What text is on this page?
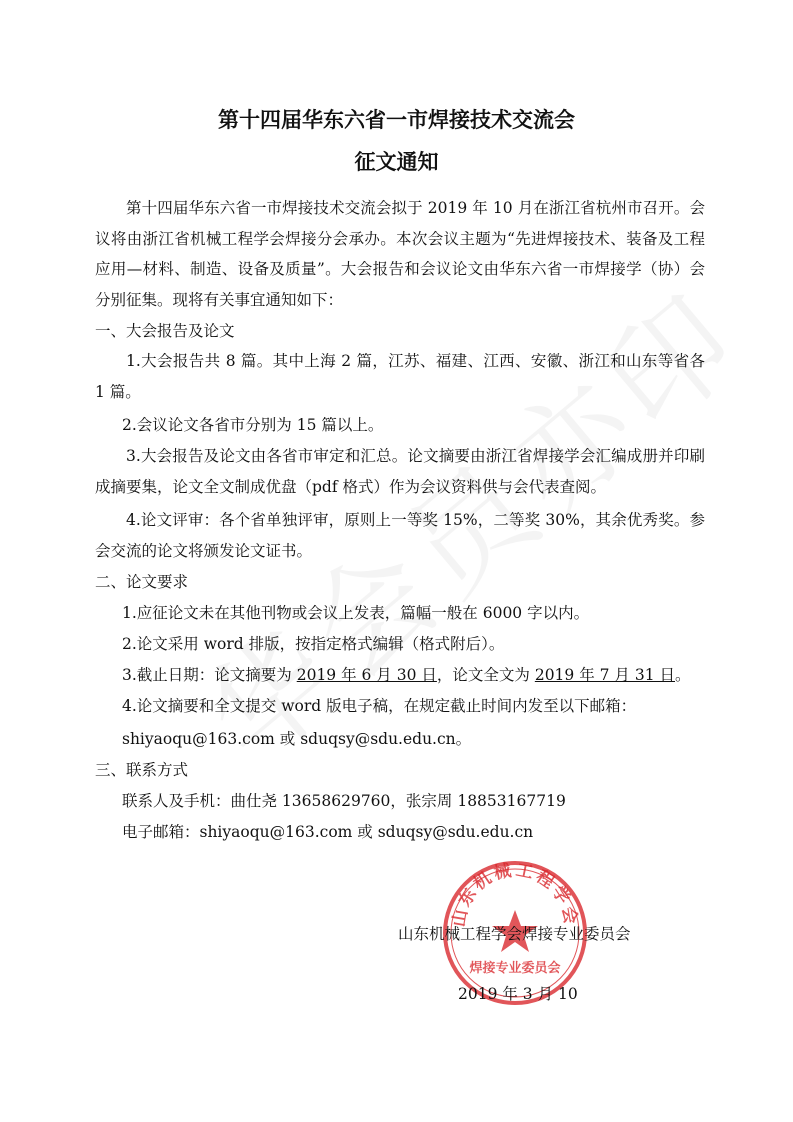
第十四届华东六省一市焊接技术交流会
征文通知
第十四届华东六省一市焊接技术交流会拟于 2019 年 10 月在浙江省杭州市召开。会议将由浙江省机械工程学会焊接分会承办。本次会议主题为“先进焊接技术、装备及工程应用—材料、制造、设备及质量”。大会报告和会议论文由华东六省一市焊接学（协）会分别征集。现将有关事宜通知如下：
一、大会报告及论文
1.大会报告共 8 篇。其中上海 2 篇，江苏、福建、江西、安徽、浙江和山东等省各 1 篇。
2.会议论文各省市分别为 15 篇以上。
3.大会报告及论文由各省市审定和汇总。论文摘要由浙江省焊接学会汇编成册并印刷成摘要集，论文全文制成优盘（pdf 格式）作为会议资料供与会代表查阅。
4.论文评审：各个省单独评审，原则上一等奖 15%，二等奖 30%，其余优秀奖。参会交流的论文将颁发论文证书。
二、论文要求
1.应征论文未在其他刊物或会议上发表，篇幅一般在 6000 字以内。
2.论文采用 word 排版，按指定格式编辑（格式附后）。
3.截止日期：论文摘要为 2019 年 6 月 30 日，论文全文为 2019 年 7 月 31 日。
4.论文摘要和全文提交 word 版电子稿，在规定截止时间内发至以下邮箱：
shiyaoqu@163.com 或 sduqsy@sdu.edu.cn。
三、联系方式
联系人及手机：曲仕尧 13658629760，张宗周 18853167719
电子邮箱：shiyaoqu@163.com 或 sduqsy@sdu.edu.cn
山东机械工程学会
焊接专业委员会
山东机械工程学会焊接专业委员会
2019 年 3 月 10
